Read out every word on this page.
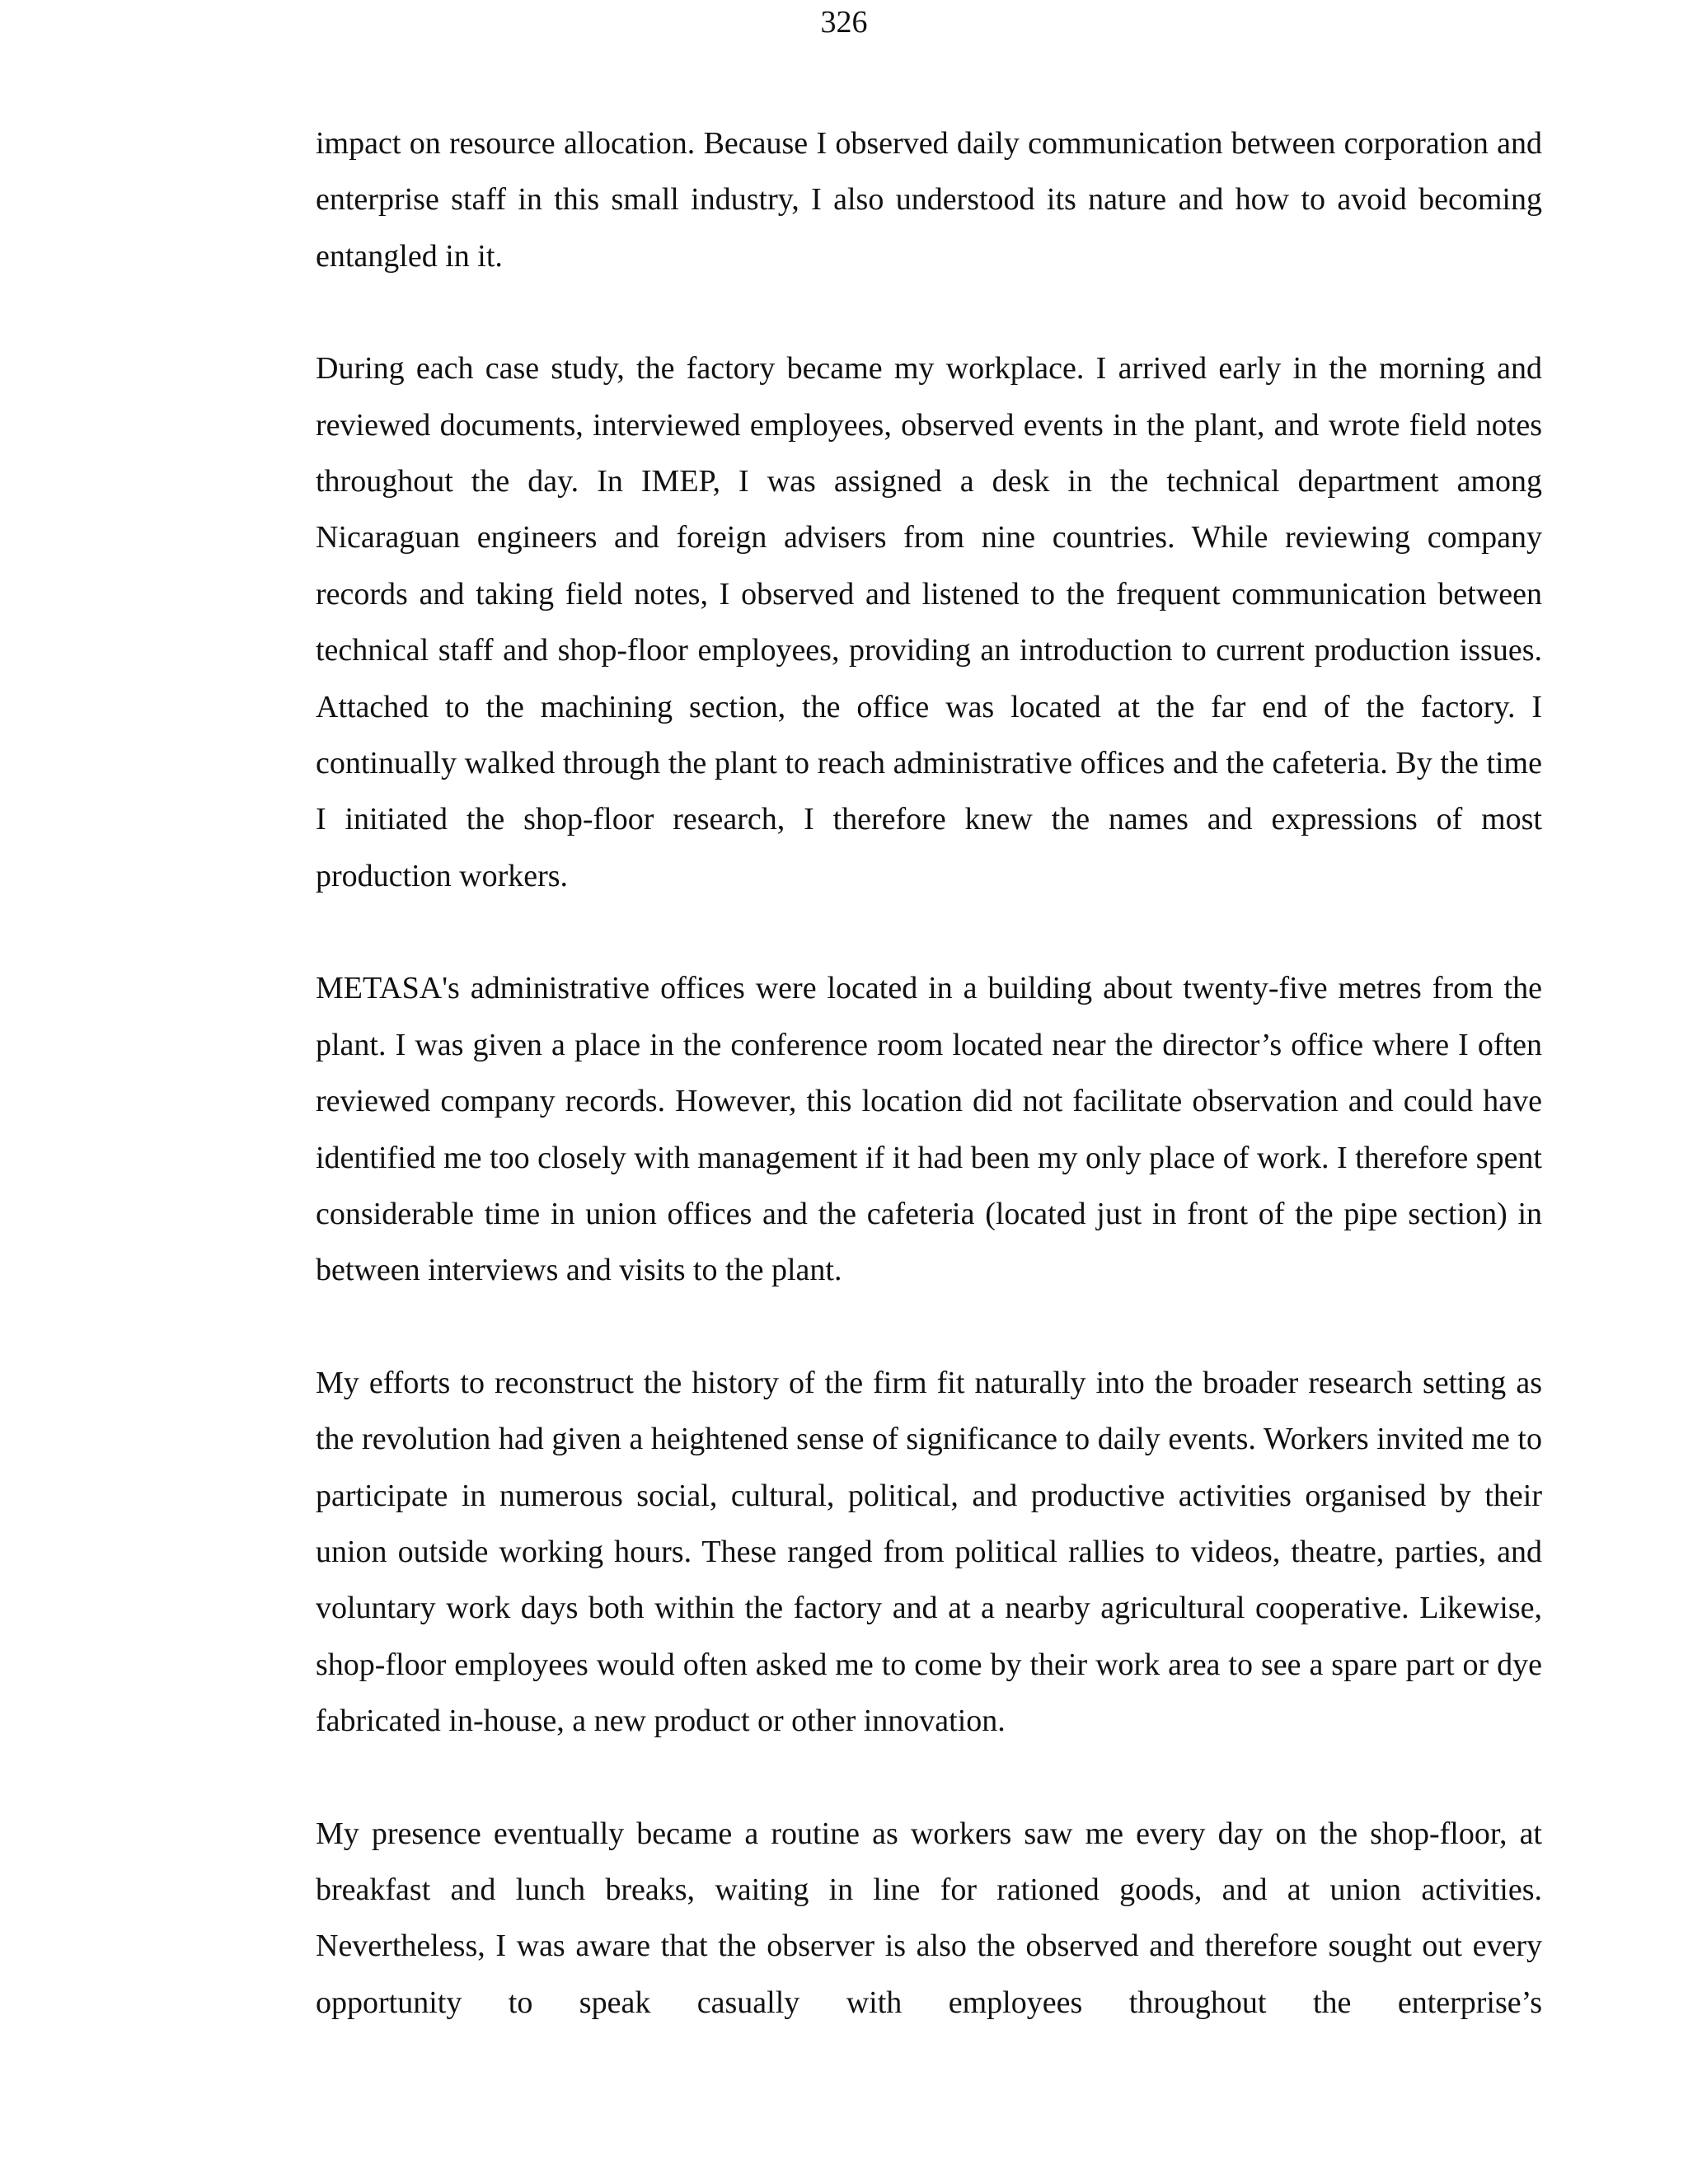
326

impact on resource allocation. Because I observed daily communication between corporation and enterprise staff in this small industry, I also understood its nature and how to avoid becoming entangled in it.

During each case study, the factory became my workplace. I arrived early in the morning and reviewed documents, interviewed employees, observed events in the plant, and wrote field notes throughout the day. In IMEP, I was assigned a desk in the technical department among Nicaraguan engineers and foreign advisers from nine countries. While reviewing company records and taking field notes, I observed and listened to the frequent communication between technical staff and shop-floor employees, providing an introduction to current production issues. Attached to the machining section, the office was located at the far end of the factory. I continually walked through the plant to reach administrative offices and the cafeteria. By the time I initiated the shop-floor research, I therefore knew the names and expressions of most production workers.

METASA's administrative offices were located in a building about twenty-five metres from the plant. I was given a place in the conference room located near the director’s office where I often reviewed company records. However, this location did not facilitate observation and could have identified me too closely with management if it had been my only place of work. I therefore spent considerable time in union offices and the cafeteria (located just in front of the pipe section) in between interviews and visits to the plant.

My efforts to reconstruct the history of the firm fit naturally into the broader research setting as the revolution had given a heightened sense of significance to daily events. Workers invited me to participate in numerous social, cultural, political, and productive activities organised by their union outside working hours. These ranged from political rallies to videos, theatre, parties, and voluntary work days both within the factory and at a nearby agricultural cooperative. Likewise, shop-floor employees would often asked me to come by their work area to see a spare part or dye fabricated in-house, a new product or other innovation.

My presence eventually became a routine as workers saw me every day on the shop-floor, at breakfast and lunch breaks, waiting in line for rationed goods, and at union activities. Nevertheless, I was aware that the observer is also the observed and therefore sought out every opportunity to speak casually with employees throughout the enterprise’s
